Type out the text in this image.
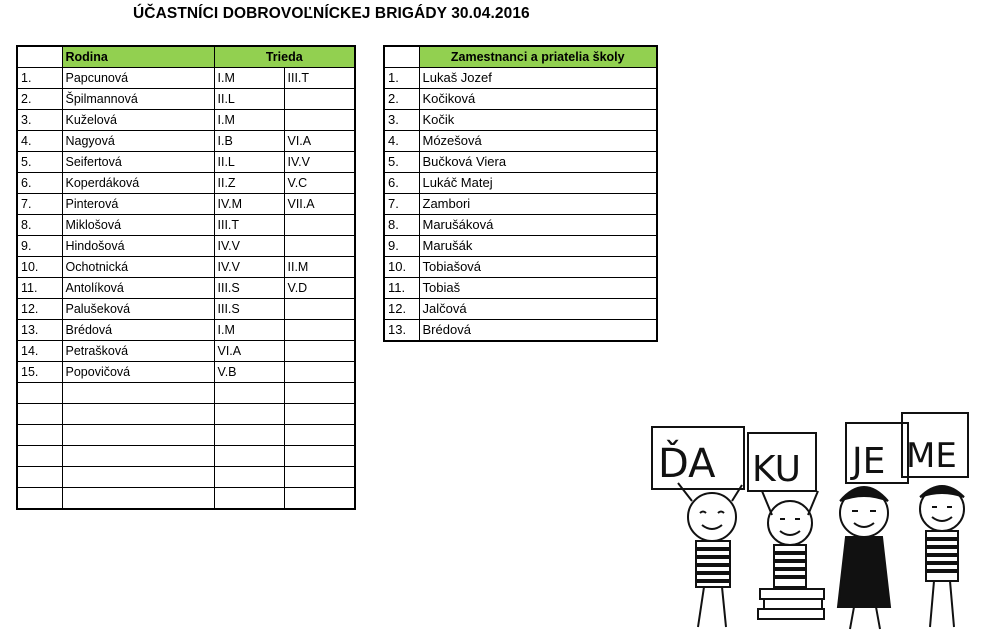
ÚČASTNÍCI DOBROVOĽNÍCKEJ BRIGÁDY 30.04.2016
	Rodina	Trieda	
1.	Papcunová	I.M	III.T
2.	Špilmannová	II.L	
3.	Kuželová	I.M	
4.	Nagyová	I.B	VI.A
5.	Seifertová	II.L	IV.V
6.	Koperdáková	II.Z	V.C
7.	Pinterová	IV.M	VII.A
8.	Miklošová	III.T	
9.	Hindošová	IV.V	
10.	Ochotnická	IV.V	II.M
11.	Antolíková	III.S	V.D
12.	Palušeková	III.S	
13.	Brédová	I.M	
14.	Petrašková	VI.A	
15.	Popovičová	V.B	

	Zamestnanci a priatelia školy
1.	Lukaš Jozef
2.	Kočiková
3.	Kočik
4.	Mózešová
5.	Bučková Viera
6.	Lukáč Matej
7.	Zambori
8.	Marušáková
9.	Marušák
10.	Tobiašová
11.	Tobiaš
12.	Jalčová
13.	Brédová
ĎA KU JE ME
